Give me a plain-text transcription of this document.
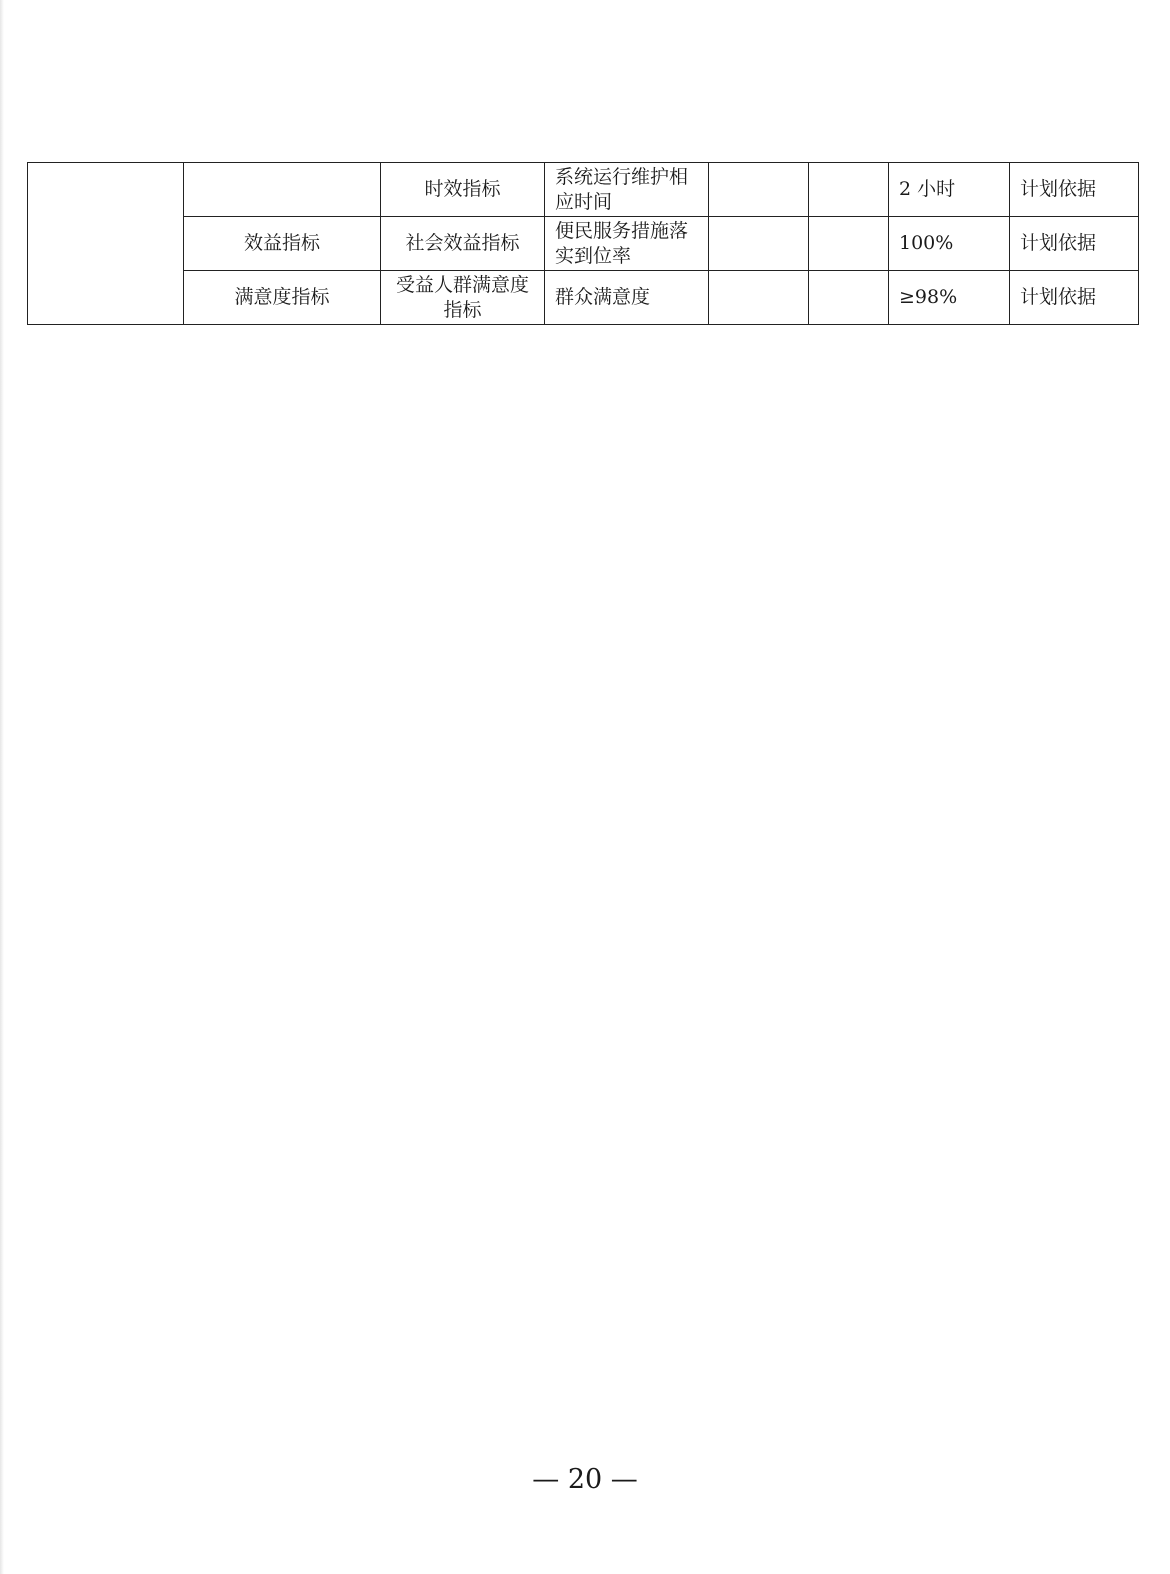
		时效指标	系统运行维护相应时间			2 小时	计划依据
	效益指标	社会效益指标	便民服务措施落实到位率			100%	计划依据
	满意度指标	受益人群满意度指标	群众满意度			≥98%	计划依据
— 20 —
